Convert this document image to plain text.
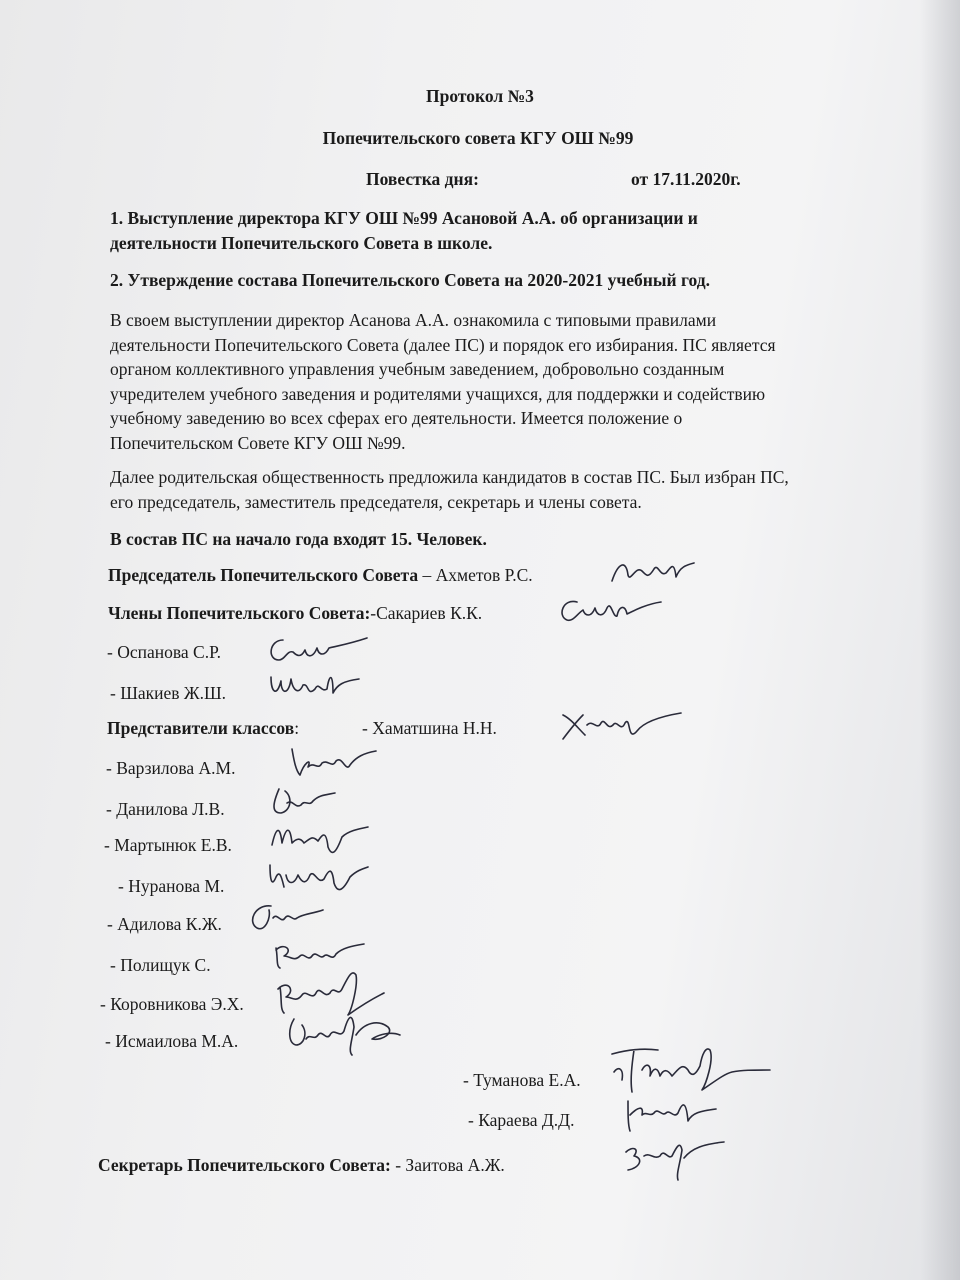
Протокол №3
Попечительского совета КГУ ОШ №99
Повестка дня:	от 17.11.2020г.
1. Выступление директора КГУ ОШ №99 Асановой А.А. об организации и
деятельности Попечительского Совета в школе.
2. Утверждение состава Попечительского Совета на 2020-2021 учебный год.
В своем выступлении директор Асанова А.А. ознакомила с типовыми правилами
деятельности Попечительского Совета (далее ПС) и порядок его избирания. ПС является
органом коллективного управления учебным заведением, добровольно созданным
учредителем учебного заведения и родителями учащихся, для поддержки и содействию
учебному заведению во всех сферах его деятельности. Имеется положение о
Попечительском Совете КГУ ОШ №99.
Далее родительская общественность предложила кандидатов в состав ПС. Был избран ПС,
его председатель, заместитель председателя, секретарь и члены совета.
В состав ПС на начало года входят 15. Человек.
Председатель Попечительского Совета – Ахметов Р.С.
Члены Попечительского Совета:-Сакариев К.К.
- Оспанова С.Р.
- Шакиев Ж.Ш.
Представители классов:	- Хаматшина Н.Н.
- Варзилова А.М.
- Данилова Л.В.
- Мартынюк Е.В.
- Нуранова М.
- Адилова К.Ж.
- Полищук С.
- Коровникова Э.Х.
- Исмаилова М.А.
- Туманова Е.А.
- Караева Д.Д.
Секретарь Попечительского Совета: - Заитова А.Ж.
